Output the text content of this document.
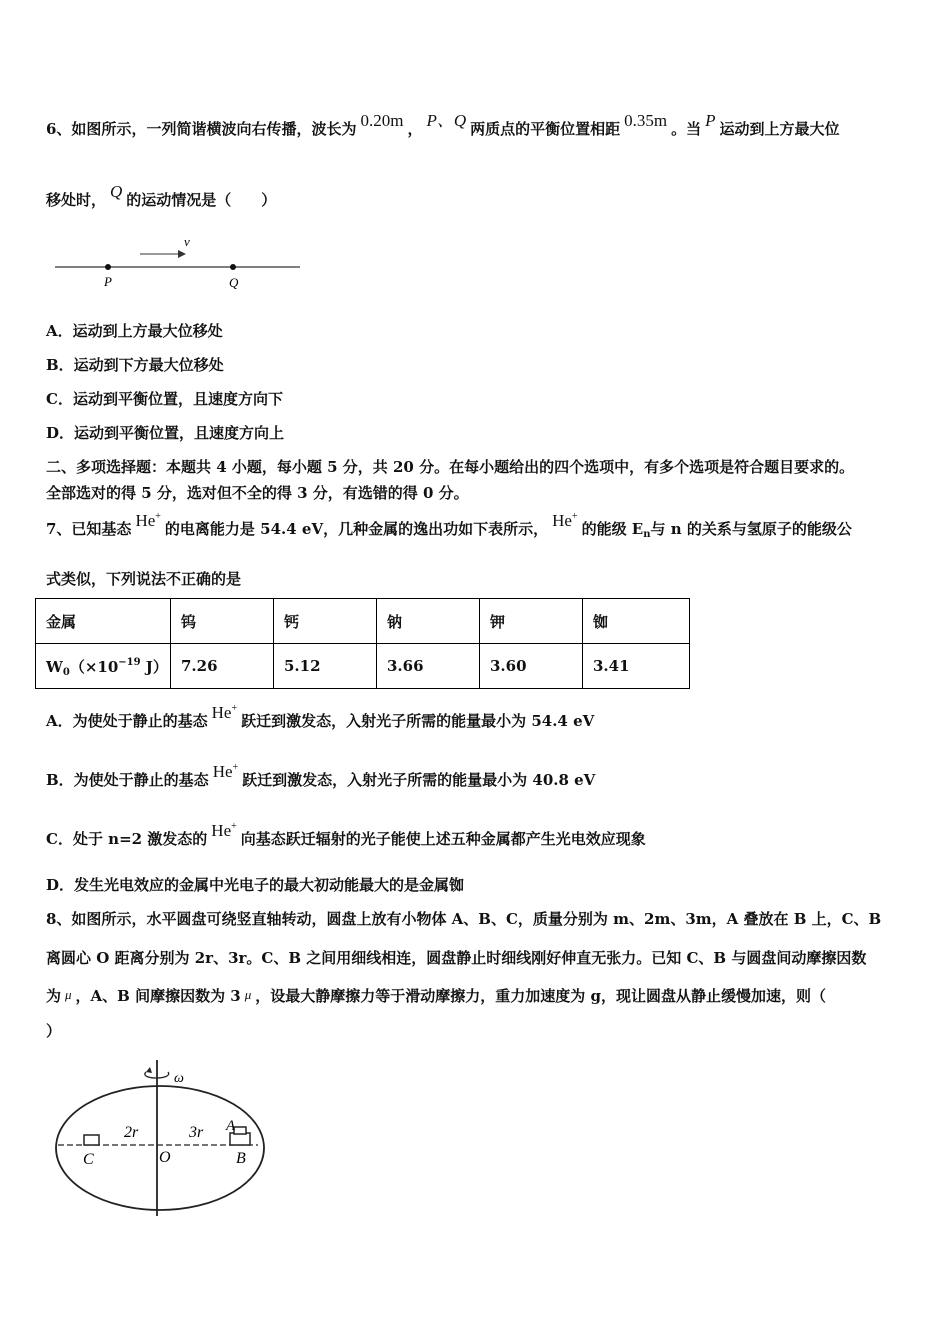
6、如图所示，一列简谐横波向右传播，波长为 0.20m ， P、Q 两质点的平衡位置相距 0.35m 。当 P 运动到上方最大位
移处时， Q 的运动情况是（　　）
v
P	Q
A．运动到上方最大位移处
B．运动到下方最大位移处
C．运动到平衡位置，且速度方向下
D．运动到平衡位置，且速度方向上
二、多项选择题：本题共 4 小题，每小题 5 分，共 20 分。在每小题给出的四个选项中，有多个选项是符合题目要求的。
全部选对的得 5 分，选对但不全的得 3 分，有选错的得 0 分。
7、已知基态 He+的电离能力是 54.4 eV，几种金属的逸出功如下表所示， He+的能级 $E_n$与 n 的关系与氢原子的能级公
式类似，下列说法不正确的是
金属	钨	钙	钠	钾	铷
$W_0(\times 10^{-19}$ J）	7.26	5.12	3.66	3.60	3.41
A．为使处于静止的基态 He+跃迁到激发态，入射光子所需的能量最小为 54.4 eV
B．为使处于静止的基态 He+跃迁到激发态，入射光子所需的能量最小为 40.8 eV
C．处于 n=2 激发态的 He+向基态跃迁辐射的光子能使上述五种金属都产生光电效应现象
D．发生光电效应的金属中光电子的最大初动能最大的是金属铷
8、如图所示，水平圆盘可绕竖直轴转动，圆盘上放有小物体 A、B、C，质量分别为 m、2m、3m，A 叠放在 B 上，C、B
离圆心 O 距离分别为 2r、3r。C、B 之间用细线相连，圆盘静止时细线刚好伸直无张力。已知 C、B 与圆盘间动摩擦因数
为 μ ，A、B 间摩擦因数为 3 μ ，设最大静摩擦力等于滑动摩擦力，重力加速度为 g，现让圆盘从静止缓慢加速，则（
）
ω
2r	3r A
B
C	O
